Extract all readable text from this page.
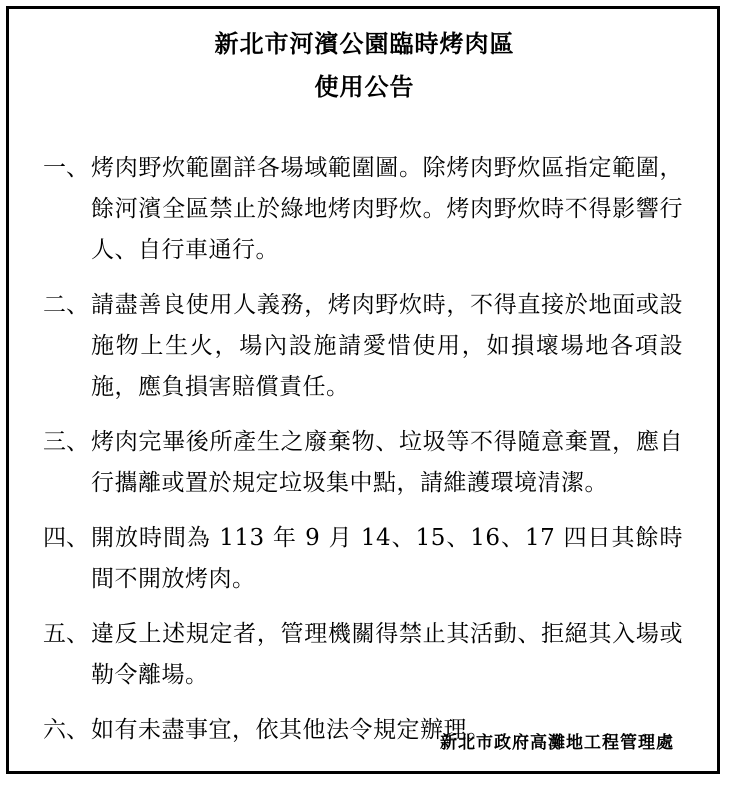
新北市河濱公園臨時烤肉區
使用公告
一、 烤肉野炊範圍詳各場域範圍圖。除烤肉野炊區指定範圍，餘河濱全區禁止於綠地烤肉野炊。烤肉野炊時不得影響行人、自行車通行。
二、 請盡善良使用人義務，烤肉野炊時，不得直接於地面或設施物上生火，場內設施請愛惜使用，如損壞場地各項設施，應負損害賠償責任。
三、 烤肉完畢後所產生之廢棄物、垃圾等不得隨意棄置，應自行攜離或置於規定垃圾集中點，請維護環境清潔。
四、 開放時間為 113 年 9 月 14、15、16、17 四日其餘時間不開放烤肉。
五、 違反上述規定者，管理機關得禁止其活動、拒絕其入場或勒令離場。
六、 如有未盡事宜，依其他法令規定辦理。
新北市政府高灘地工程管理處
